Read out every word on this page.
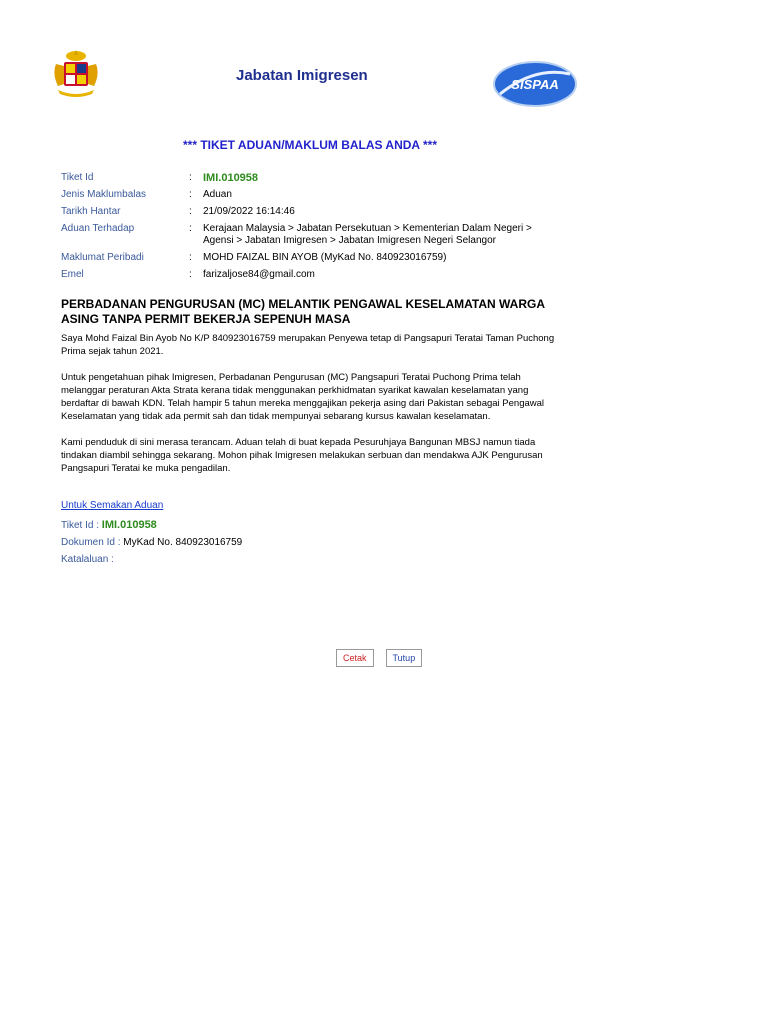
Jabatan Imigresen
SISPAA
*** TIKET ADUAN/MAKLUM BALAS ANDA ***
Tiket Id	:	IMI.010958
Jenis Maklumbalas	:	Aduan
Tarikh Hantar	:	21/09/2022 16:14:46
Aduan Terhadap	:	Kerajaan Malaysia > Jabatan Persekutuan > Kementerian Dalam Negeri > Agensi > Jabatan Imigresen > Jabatan Imigresen Negeri Selangor
Maklumat Peribadi	:	MOHD FAIZAL BIN AYOB (MyKad No. 840923016759)
Emel	:	farizaljose84@gmail.com
PERBADANAN PENGURUSAN (MC) MELANTIK PENGAWAL KESELAMATAN WARGA ASING TANPA PERMIT BEKERJA SEPENUH MASA

Saya Mohd Faizal Bin Ayob No K/P 840923016759 merupakan Penyewa tetap di Pangsapuri Teratai Taman Puchong Prima sejak tahun 2021.

Untuk pengetahuan pihak Imigresen, Perbadanan Pengurusan (MC) Pangsapuri Teratai Puchong Prima telah melanggar peraturan Akta Strata kerana tidak menggunakan perkhidmatan syarikat kawalan keselamatan yang berdaftar di bawah KDN. Telah hampir 5 tahun mereka menggajikan pekerja asing dari Pakistan sebagai Pengawal Keselamatan yang tidak ada permit sah dan tidak mempunyai sebarang kursus kawalan keselamatan.

Kami penduduk di sini merasa terancam. Aduan telah di buat kepada Pesuruhjaya Bangunan MBSJ namun tiada tindakan diambil sehingga sekarang. Mohon pihak Imigresen melakukan serbuan dan mendakwa AJK Pengurusan Pangsapuri Teratai ke muka pengadilan.

Untuk Semakan Aduan
Tiket Id : IMI.010958
Dokumen Id : MyKad No. 840923016759
Katalaluan :
Cetak	Tutup
